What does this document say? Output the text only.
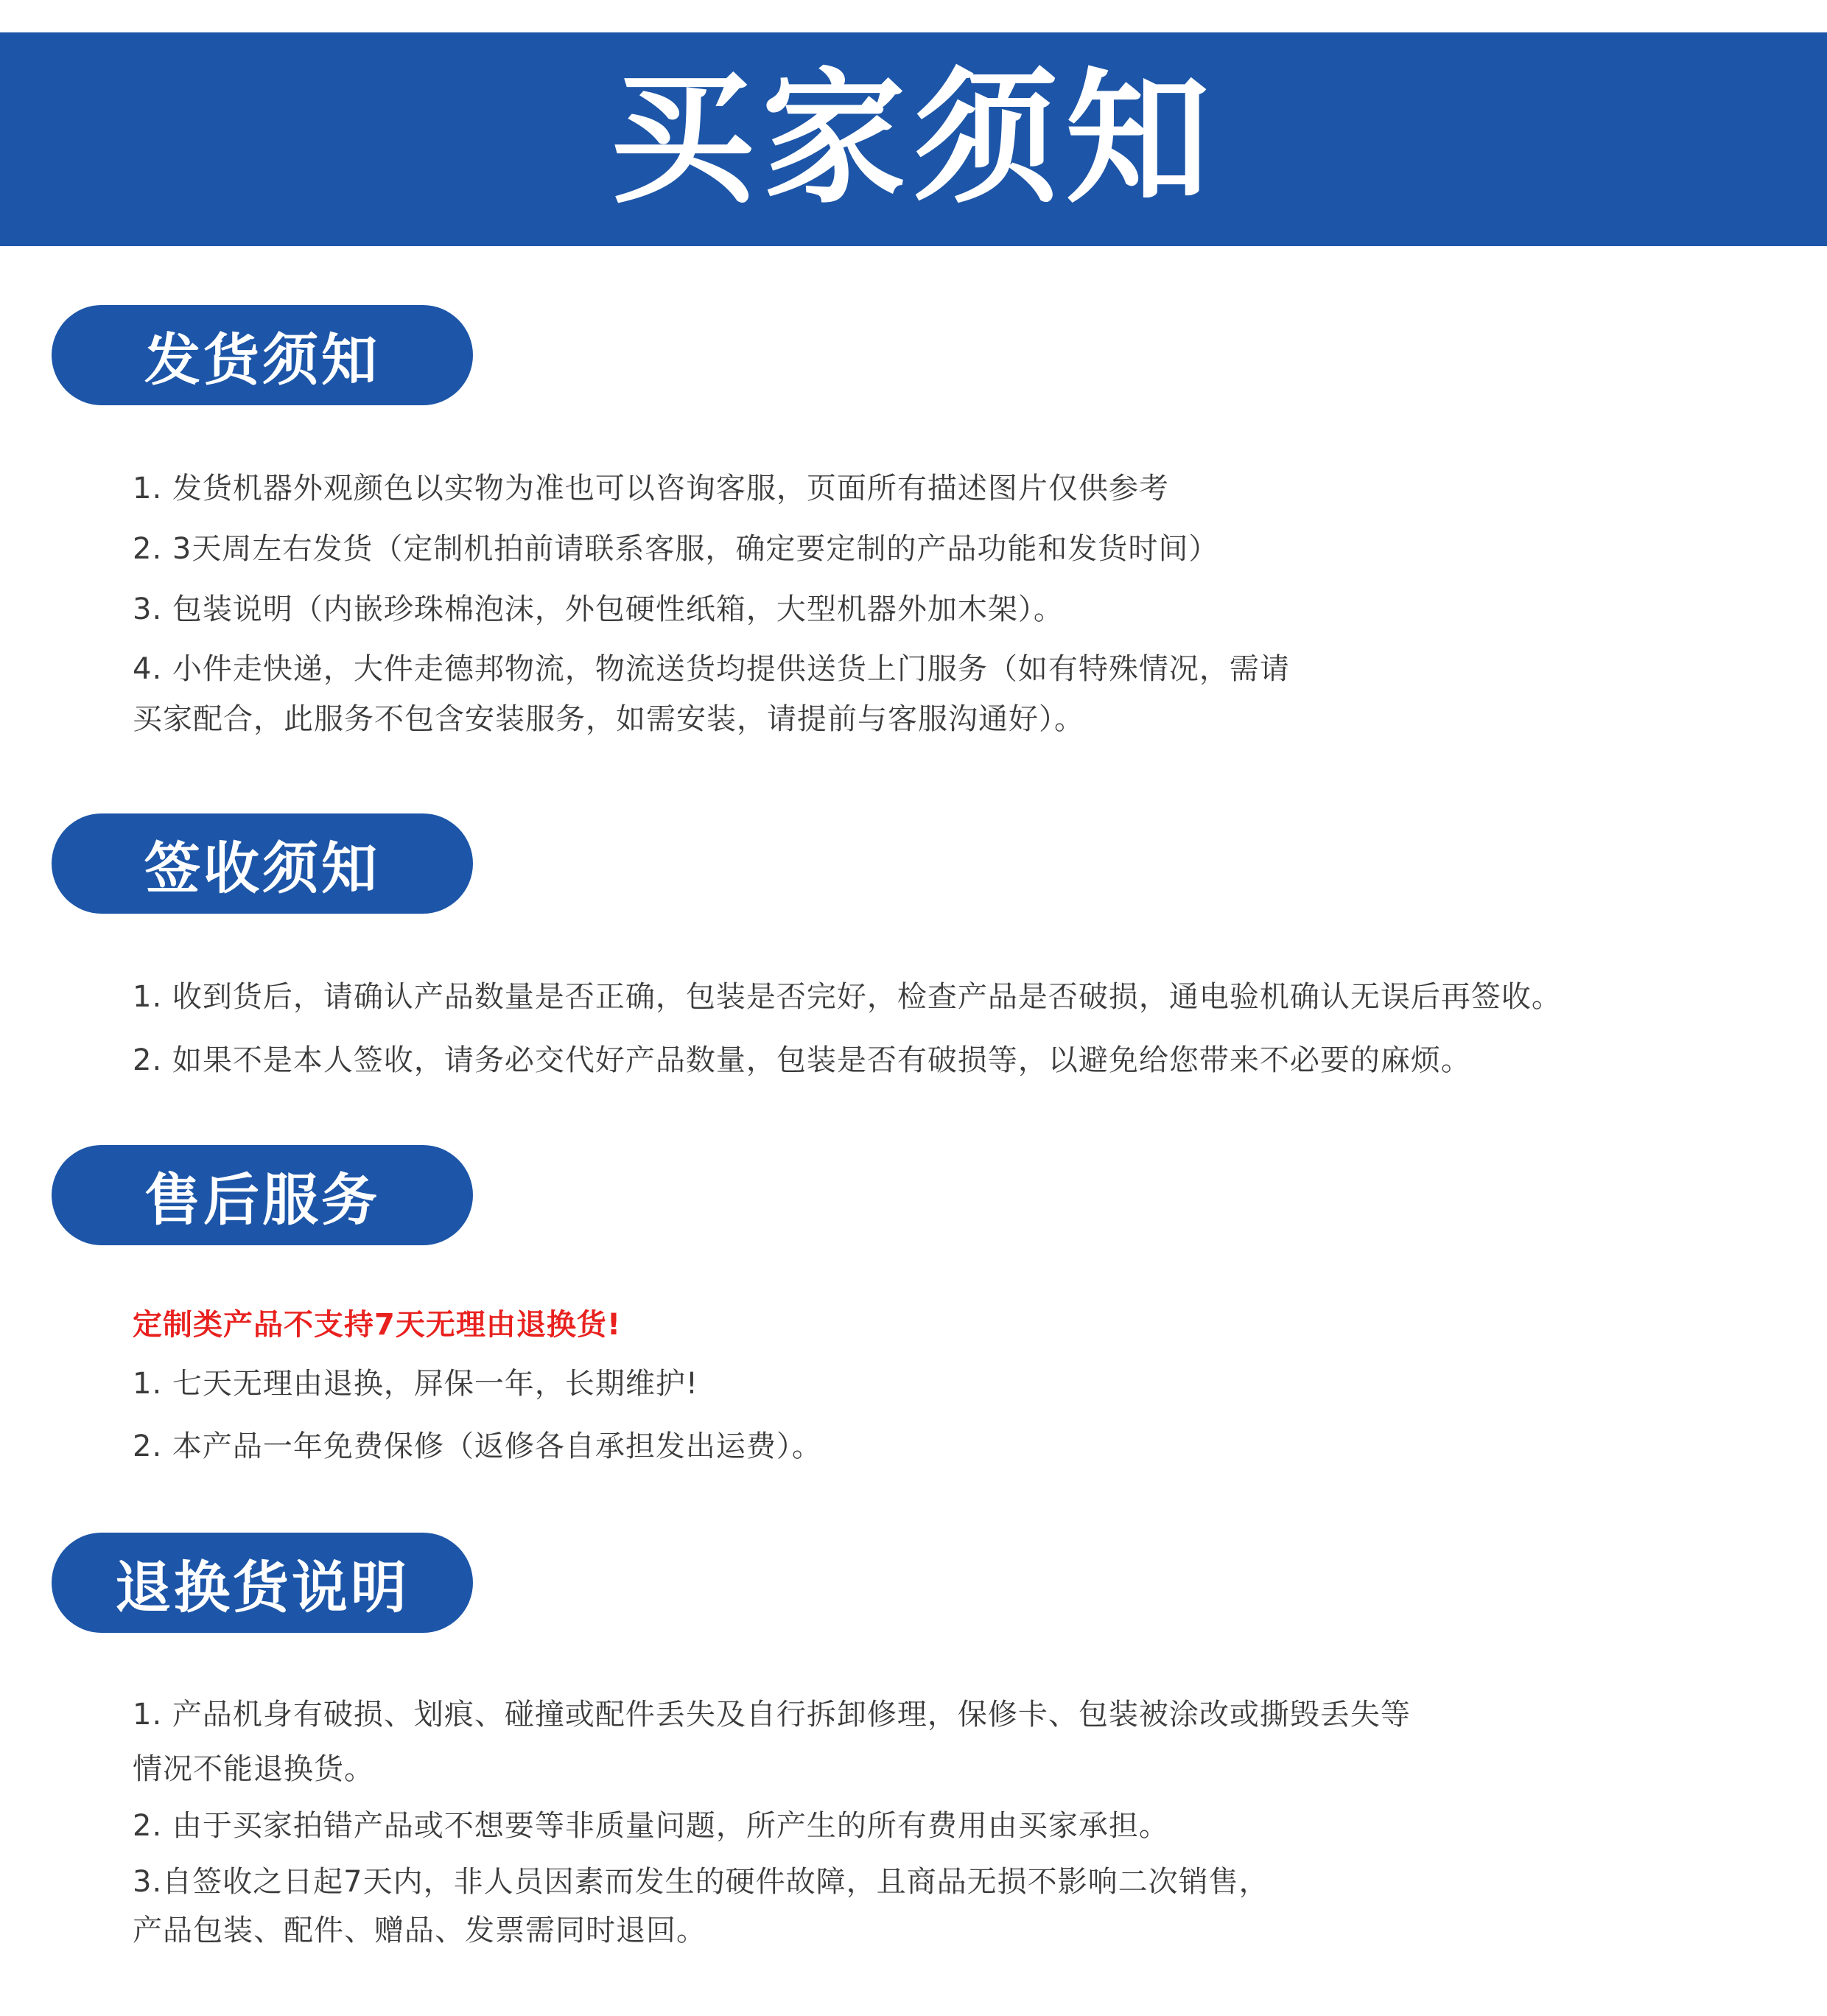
买家须知
发货须知

1. 发货机器外观颜色以实物为准也可以咨询客服，页面所有描述图片仅供参考

2. 3天周左右发货（定制机拍前请联系客服，确定要定制的产品功能和发货时间）

3. 包装说明（内嵌珍珠棉泡沫，外包硬性纸箱，大型机器外加木架）。

4. 小件走快递，大件走德邦物流，物流送货均提供送货上门服务（如有特殊情况，需请

买家配合，此服务不包含安装服务，如需安装，请提前与客服沟通好）。

签收须知

1. 收到货后，请确认产品数量是否正确，包装是否完好，检查产品是否破损，通电验机确认无误后再签收。

2. 如果不是本人签收，请务必交代好产品数量，包装是否有破损等，以避免给您带来不必要的麻烦。

售后服务

定制类产品不支持7天无理由退换货!

1. 七天无理由退换，屏保一年，长期维护!

2. 本产品一年免费保修（返修各自承担发出运费）。

退换货说明

1. 产品机身有破损、划痕、碰撞或配件丢失及自行拆卸修理，保修卡、包装被涂改或撕毁丢失等

情况不能退换货。

2. 由于买家拍错产品或不想要等非质量问题，所产生的所有费用由买家承担。

3.自签收之日起7天内，非人员因素而发生的硬件故障，且商品无损不影响二次销售，

产品包装、配件、赠品、发票需同时退回。
